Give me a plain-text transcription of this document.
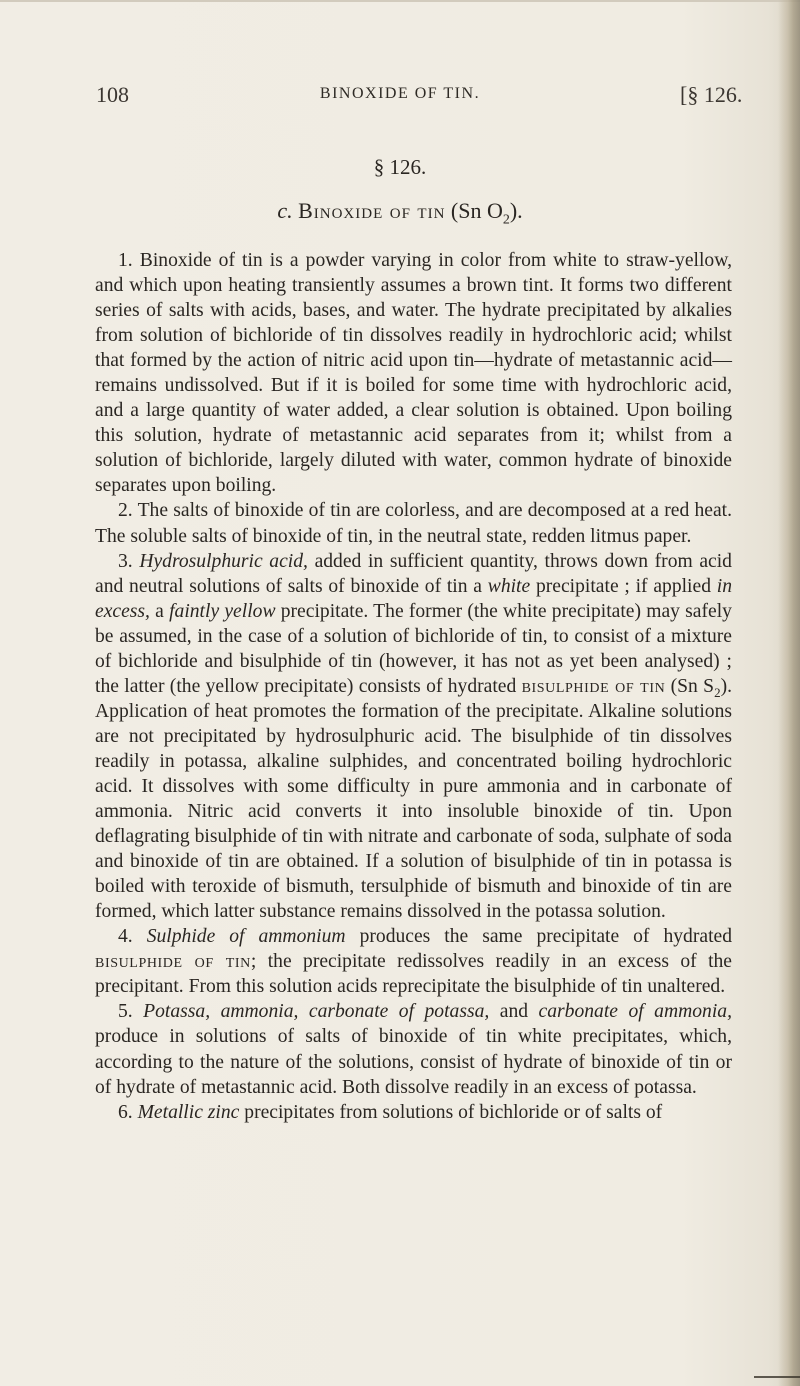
108	BINOXIDE OF TIN.	[§ 126.
§ 126.
c. Binoxide of tin (Sn $O_2$).

1. Binoxide of tin is a powder varying in color from white to straw-yellow, and which upon heating transiently assumes a brown tint. It forms two different series of salts with acids, bases, and water. The hydrate precipitated by alkalies from solution of bichloride of tin dissolves readily in hydrochloric acid; whilst that formed by the action of nitric acid upon tin—hydrate of metastannic acid—remains undissolved. But if it is boiled for some time with hydrochloric acid, and a large quantity of water added, a clear solution is obtained. Upon boiling this solution, hydrate of metastannic acid separates from it; whilst from a solution of bichloride, largely diluted with water, common hydrate of binoxide separates upon boiling.

2. The salts of binoxide of tin are colorless, and are decomposed at a red heat. The soluble salts of binoxide of tin, in the neutral state, redden litmus paper.

3. Hydrosulphuric acid, added in sufficient quantity, throws down from acid and neutral solutions of salts of binoxide of tin a white precipitate ; if applied in excess, a faintly yellow precipitate. The former (the white precipitate) may safely be assumed, in the case of a solution of bichloride of tin, to consist of a mixture of bichloride and bisulphide of tin (however, it has not as yet been analysed) ; the latter (the yellow precipitate) consists of hydrated bisulphide of tin (Sn $S_2$). Application of heat promotes the formation of the precipitate. Alkaline solutions are not precipitated by hydrosulphuric acid. The bisulphide of tin dissolves readily in potassa, alkaline sulphides, and concentrated boiling hydrochloric acid. It dissolves with some difficulty in pure ammonia and in carbonate of ammonia. Nitric acid converts it into insoluble binoxide of tin. Upon deflagrating bisulphide of tin with nitrate and carbonate of soda, sulphate of soda and binoxide of tin are obtained. If a solution of bisulphide of tin in potassa is boiled with teroxide of bismuth, tersulphide of bismuth and binoxide of tin are formed, which latter substance remains dissolved in the potassa solution.

4. Sulphide of ammonium produces the same precipitate of hydrated bisulphide of tin; the precipitate redissolves readily in an excess of the precipitant. From this solution acids reprecipitate the bisulphide of tin unaltered.

5. Potassa, ammonia, carbonate of potassa, and carbonate of ammonia, produce in solutions of salts of binoxide of tin white precipitates, which, according to the nature of the solutions, consist of hydrate of binoxide of tin or of hydrate of metastannic acid. Both dissolve readily in an excess of potassa.

6. Metallic zinc precipitates from solutions of bichloride or of salts of
